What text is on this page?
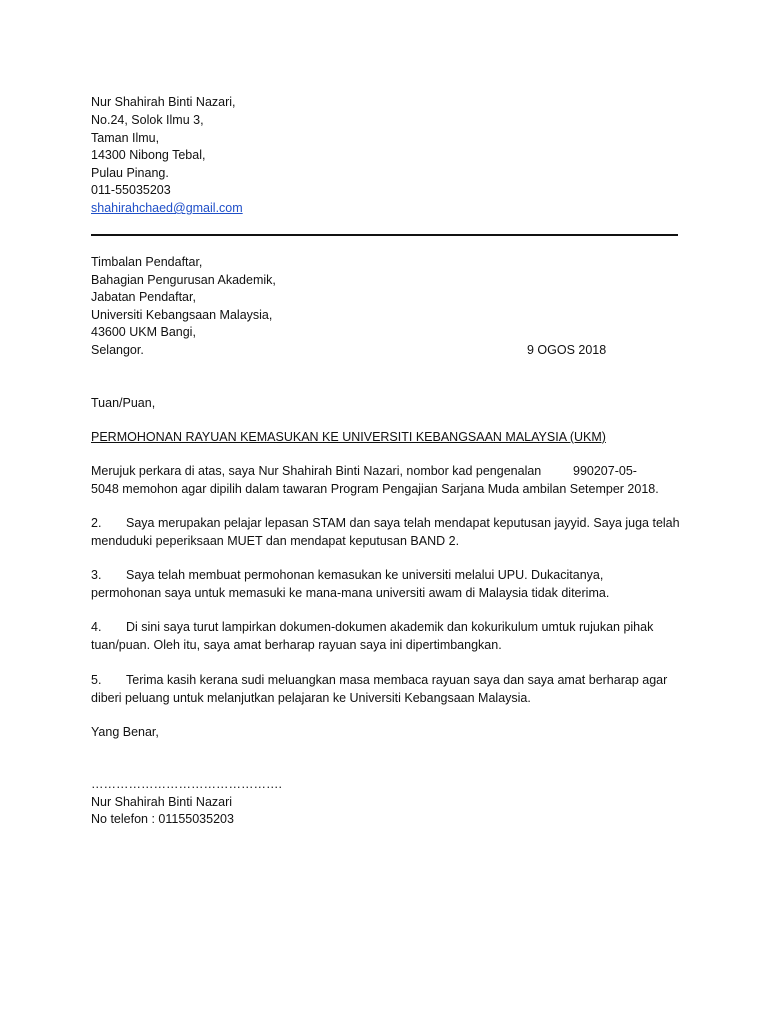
Nur Shahirah Binti Nazari,
No.24, Solok Ilmu 3,
Taman Ilmu,
14300 Nibong Tebal,
Pulau Pinang.
011-55035203
shahirahchaed@gmail.com
Timbalan Pendaftar,
Bahagian Pengurusan Akademik,
Jabatan Pendaftar,
Universiti Kebangsaan Malaysia,
43600 UKM Bangi,
Selangor.	9 OGOS 2018
Tuan/Puan,
PERMOHONAN RAYUAN KEMASUKAN KE UNIVERSITI KEBANGSAAN MALAYSIA (UKM)
Merujuk perkara di atas, saya Nur Shahirah Binti Nazari, nombor kad pengenalan	990207-05-
5048 memohon agar dipilih dalam tawaran Program Pengajian Sarjana Muda ambilan Setemper 2018.
2. Saya merupakan pelajar lepasan STAM dan saya telah mendapat keputusan jayyid. Saya juga telah
menduduki peperiksaan MUET dan mendapat keputusan BAND 2.
3. Saya telah membuat permohonan kemasukan ke universiti melalui UPU. Dukacitanya,
permohonan saya untuk memasuki ke mana-mana universiti awam di Malaysia tidak diterima.
4. Di sini saya turut lampirkan dokumen-dokumen akademik dan kokurikulum umtuk rujukan pihak
tuan/puan. Oleh itu, saya amat berharap rayuan saya ini dipertimbangkan.
5. Terima kasih kerana sudi meluangkan masa membaca rayuan saya dan saya amat berharap agar
diberi peluang untuk melanjutkan pelajaran ke Universiti Kebangsaan Malaysia.
Yang Benar,
……………………………………….
Nur Shahirah Binti Nazari
No telefon : 01155035203
